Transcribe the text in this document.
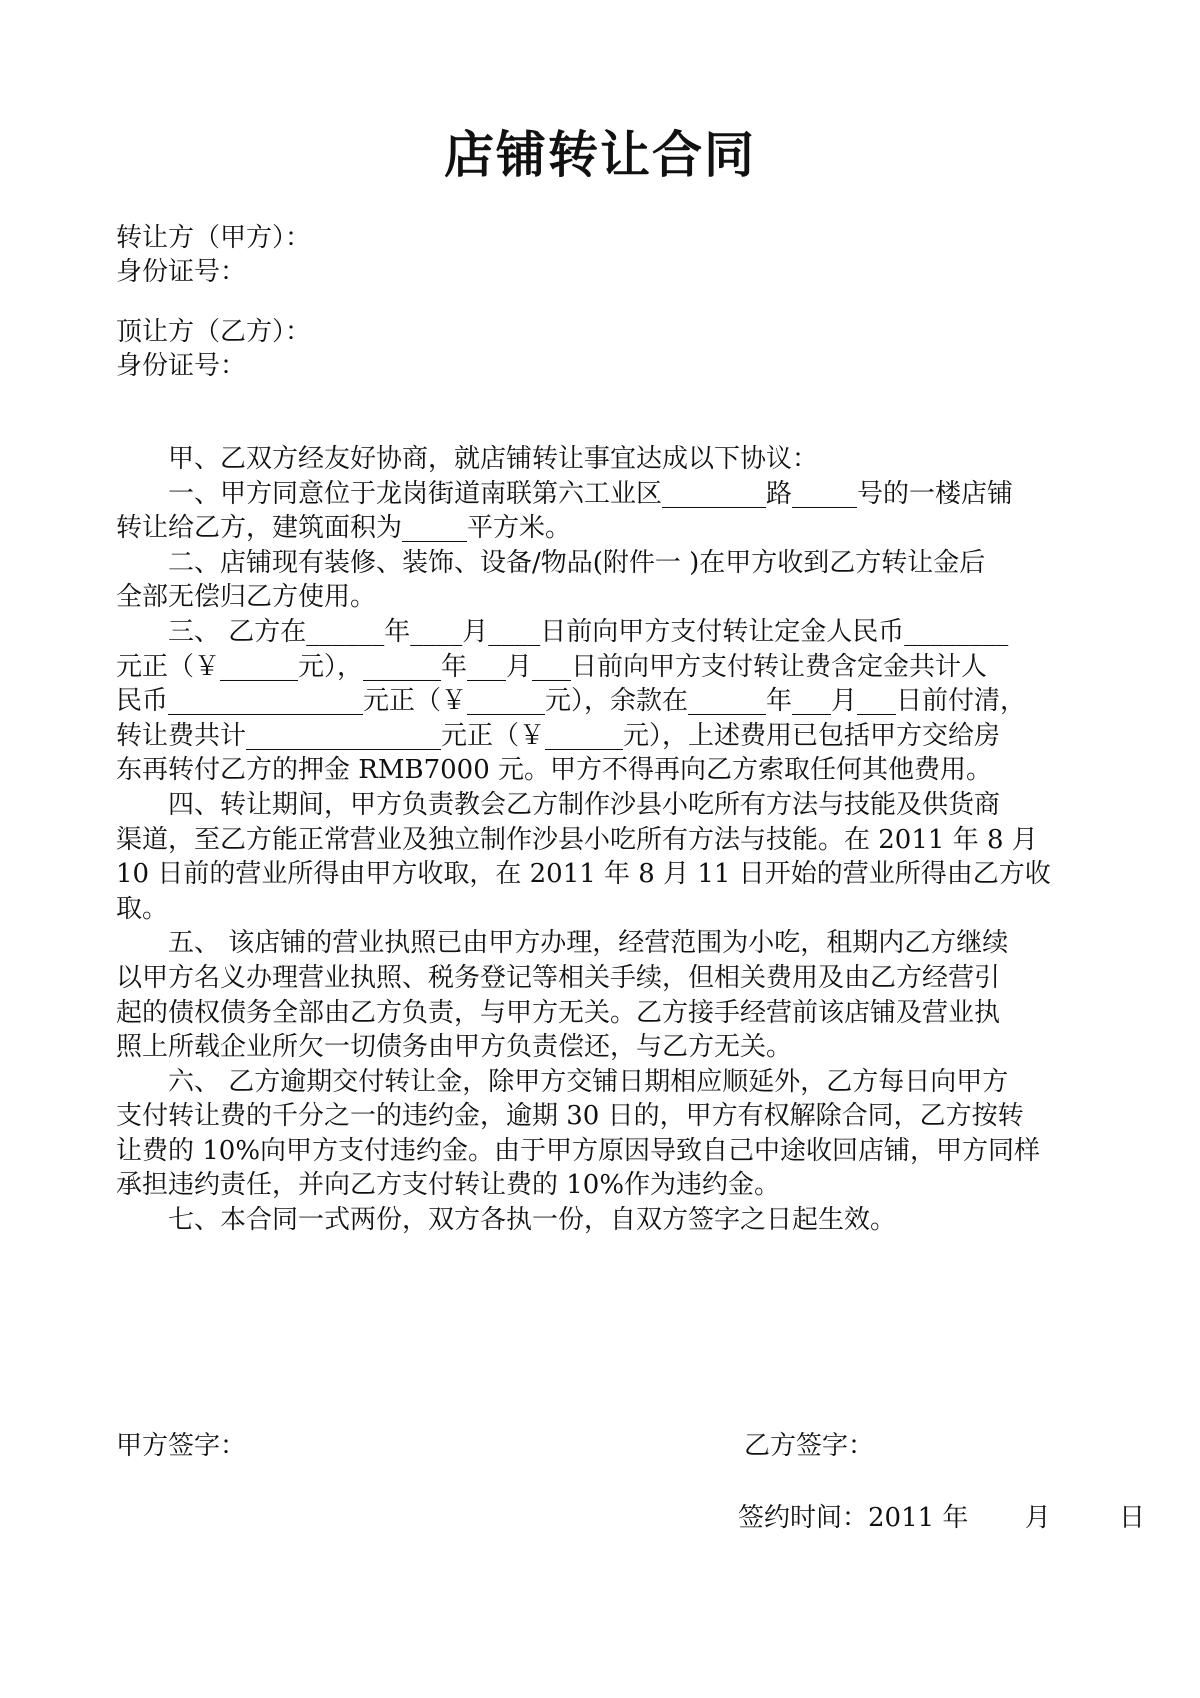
店铺转让合同
转让方（甲方）：
身份证号：
顶让方（乙方）：
身份证号：
　　甲、乙双方经友好协商，就店铺转让事宜达成以下协议：
　　一、甲方同意位于龙岗街道南联第六工业区________路_____号的一楼店铺
转让给乙方，建筑面积为_____平方米。
　　二、店铺现有装修、装饰、设备/物品(附件一 )在甲方收到乙方转让金后
全部无偿归乙方使用。
　　三、 乙方在______年____月____日前向甲方支付转让定金人民币________
元正（￥______元），______年___月___日前向甲方支付转让费含定金共计人
民币_______________元正（￥______元），余款在______年___月___日前付清，
转让费共计_______________元正（￥______元），上述费用已包括甲方交给房
东再转付乙方的押金 RMB7000 元。甲方不得再向乙方索取任何其他费用。
　　四、转让期间，甲方负责教会乙方制作沙县小吃所有方法与技能及供货商
渠道，至乙方能正常营业及独立制作沙县小吃所有方法与技能。在 2011 年 8 月
10 日前的营业所得由甲方收取，在 2011 年 8 月 11 日开始的营业所得由乙方收
取。
　　五、 该店铺的营业执照已由甲方办理，经营范围为小吃，租期内乙方继续
以甲方名义办理营业执照、税务登记等相关手续，但相关费用及由乙方经营引
起的债权债务全部由乙方负责，与甲方无关。乙方接手经营前该店铺及营业执
照上所载企业所欠一切债务由甲方负责偿还，与乙方无关。
　　六、 乙方逾期交付转让金，除甲方交铺日期相应顺延外，乙方每日向甲方
支付转让费的千分之一的违约金，逾期 30 日的，甲方有权解除合同，乙方按转
让费的 10%向甲方支付违约金。由于甲方原因导致自己中途收回店铺，甲方同样
承担违约责任，并向乙方支付转让费的 10%作为违约金。
　　七、本合同一式两份，双方各执一份，自双方签字之日起生效。
甲方签字：	乙方签字：
签约时间：2011 年 月	日
